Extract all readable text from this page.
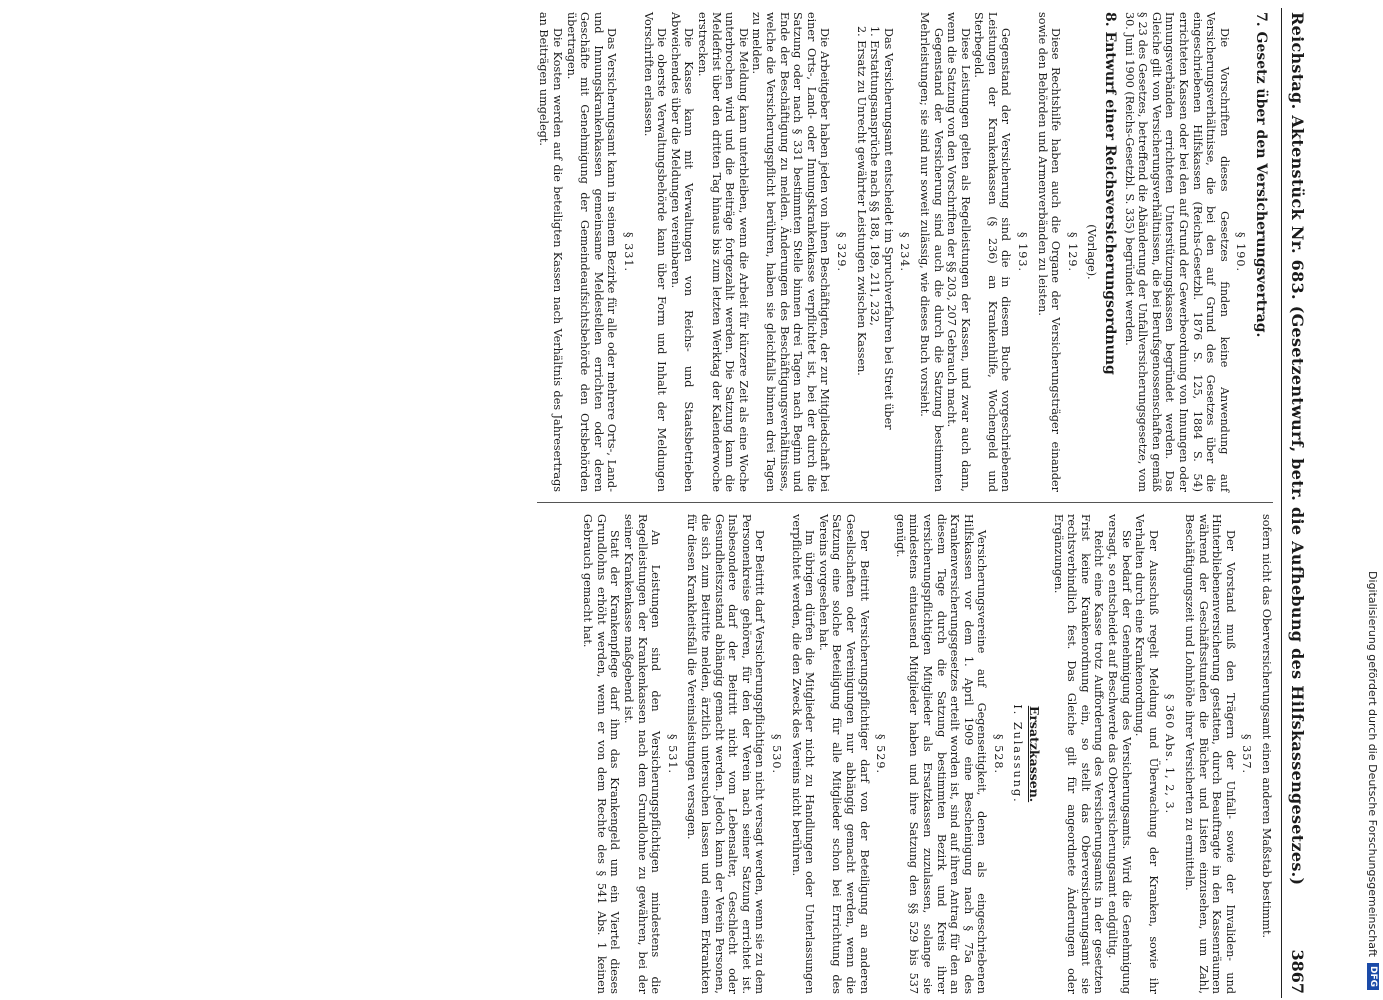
Reichstag. Aktenstück Nr. 683. (Gesetzentwurf, betr. die Aufhebung des Hilfskassengesetzes.)
3867

7. Gesetz über den Versicherungsvertrag.

§ 190.

Die Vorschriften dieses Gesetzes finden keine Anwendung auf Versicherungsverhältnisse, die bei den auf Grund des Gesetzes über die eingeschriebenen Hilfskassen (Reichs-Gesetzbl. 1876 S. 125, 1884 S. 54) errichteten Kassen oder bei den auf Grund der Gewerbeordnung von Innungen oder Innungsverbänden errichteten Unterstützungskassen begründet werden. Das Gleiche gilt von Versicherungsverhältnissen, die bei Berufsgenossenschaften gemäß § 23 des Gesetzes, betreffend die Abänderung der Unfallversicherungsgesetze, vom 30. Juni 1900 (Reichs-Gesetzbl. S. 335) begründet werden.

8. Entwurf einer Reichsversicherungsordnung

(Vorlage).
§ 129.

Diese Rechtshilfe haben auch die Organe der Versicherungsträger einander sowie den Behörden und Armenverbänden zu leisten.

§ 193.

Gegenstand der Versicherung sind die in diesem Buche vorgeschriebenen Leistungen der Krankenkassen (§ 236) an Krankenhilfe, Wochengeld und Sterbegeld.

Diese Leistungen gelten als Regelleistungen der Kassen, und zwar auch dann, wenn die Satzung von den Vorschriften der §§ 203, 207 Gebrauch macht.

Gegenstand der Versicherung sind auch die durch die Satzung bestimmten Mehrleistungen; sie sind nur soweit zulässig, wie dieses Buch vorsieht.

§ 234.

Das Versicherungsamt entscheidet im Spruchverfahren bei Streit über

1. Erstattungsansprüche nach §§ 188, 189, 211, 232,

2. Ersatz zu Unrecht gewährter Leistungen zwischen Kassen.

§ 329.

Die Arbeitgeber haben jeden von ihnen Beschäftigten, der zur Mitgliedschaft bei einer Orts-, Land- oder Innungskrankenkasse verpflichtet ist, bei der durch die Satzung oder nach § 331 bestimmten Stelle binnen drei Tagen nach Beginn und Ende der Beschäftigung zu melden. Änderungen des Beschäftigungsverhältnisses, welche die Versicherungspflicht berühren, haben sie gleichfalls binnen drei Tagen zu melden.

Die Meldung kann unterbleiben, wenn die Arbeit für kürzere Zeit als eine Woche unterbrochen wird und die Beiträge fortgezahlt werden. Die Satzung kann die Meldefrist über den dritten Tag hinaus bis zum letzten Werktag der Kalenderwoche erstrecken.

Die Kasse kann mit Verwaltungen von Reichs- und Staatsbetrieben Abweichendes über die Meldungen vereinbaren.

Die oberste Verwaltungsbehörde kann über Form und Inhalt der Meldungen Vorschriften erlassen.

§ 331.

Das Versicherungsamt kann in seinem Bezirke für alle oder mehrere Orts-, Land- und Innungskrankenkassen gemeinsame Meldestellen errichten oder deren Geschäfte mit Genehmigung der Gemeindeaufsichtsbehörde den Ortsbehörden übertragen.

Die Kosten werden auf die beteiligten Kassen nach Verhältnis des Jahresertrags an Beiträgen umgelegt.

sofern nicht das Oberversicherungsamt einen anderen Maßstab bestimmt.

§ 357.

Der Vorstand muß den Trägern der Unfall- sowie der Invaliden- und Hinterbliebenenversicherung gestatten, durch Beauftragte in den Kassenräumen während der Geschäftsstunden die Bücher und Listen einzusehen, um Zahl, Beschäftigungszeit und Lohnhöhe ihrer Versicherten zu ermitteln.

§ 360 Abs. 1, 2, 3.

Der Ausschuß regelt Meldung und Überwachung der Kranken, sowie ihr Verhalten durch eine Krankenordnung.

Sie bedarf der Genehmigung des Versicherungsamts. Wird die Genehmigung versagt, so entscheidet auf Beschwerde das Oberversicherungsamt endgültig.

Reicht eine Kasse trotz Aufforderung des Versicherungsamts in der gesetzten Frist keine Krankenordnung ein, so stellt das Oberversicherungsamt sie rechtsverbindlich fest. Das Gleiche gilt für angeordnete Änderungen oder Ergänzungen.

Ersatzkassen.
I. Zulassung.
§ 528.

Versicherungsvereine auf Gegenseitigkeit, denen als eingeschriebenen Hilfskassen vor dem 1. April 1909 eine Bescheinigung nach § 75a des Krankenversicherungsgesetzes erteilt worden ist, sind auf ihren Antrag für den an diesem Tage durch die Satzung bestimmten Bezirk und Kreis ihrer versicherungspflichtigen Mitglieder als Ersatzkassen zuzulassen, solange sie mindestens eintausend Mitglieder haben und ihre Satzung den §§ 529 bis 537 genügt.

§ 529.

Der Beitritt Versicherungspflichtiger darf von der Beteiligung an anderen Gesellschaften oder Vereinigungen nur abhängig gemacht werden, wenn die Satzung eine solche Beteiligung für alle Mitglieder schon bei Errichtung des Vereins vorgesehen hat.

Im übrigen dürfen die Mitglieder nicht zu Handlungen oder Unterlassungen verpflichtet werden, die den Zweck des Vereins nicht berühren.

§ 530.

Der Beitritt darf Versicherungspflichtigen nicht versagt werden, wenn sie zu dem Personenkreise gehören, für den der Verein nach seiner Satzung errichtet ist. Insbesondere darf der Beitritt nicht vom Lebensalter, Geschlecht oder Gesundheitszustand abhängig gemacht werden. Jedoch kann der Verein Personen, die sich zum Beitritte melden, ärztlich untersuchen lassen und einem Erkrankten für diesen Krankheitsfall die Vereinsleistungen versagen.

§ 531.

An Leistungen sind den Versicherungspflichtigen mindestens die Regelleistungen der Krankenkassen nach dem Grundlohne zu gewähren, bei der seiner Krankenkasse maßgebend ist.

Statt der Krankenpflege darf ihm das Krankengeld um ein Viertel dieses Grundlohns erhöht werden, wenn er von dem Rechte des § 541 Abs. 1 keinen Gebrauch gemacht hat.	Digitalisierung gefördert durch die Deutsche Forschungsgemeinschaft
DFG
